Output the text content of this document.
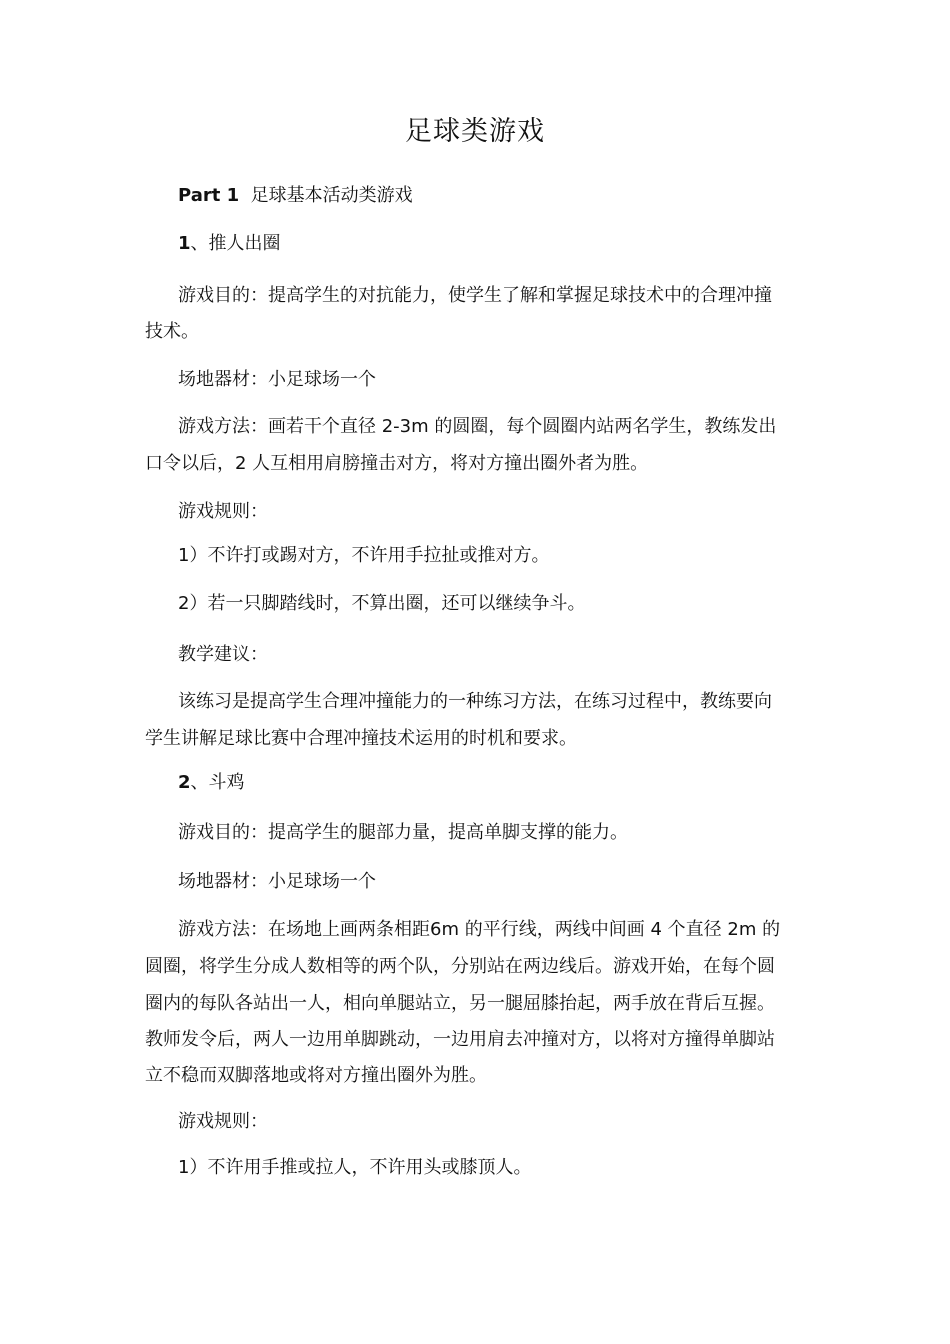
足球类游戏
Part 1 足球基本活动类游戏
1、推人出圈
游戏目的：提高学生的对抗能力，使学生了解和掌握足球技术中的合理冲撞
技术。
场地器材：小足球场一个
游戏方法：画若干个直径 2-3m 的圆圈，每个圆圈内站两名学生，教练发出
口令以后，2 人互相用肩膀撞击对方，将对方撞出圈外者为胜。
游戏规则：
1）不许打或踢对方，不许用手拉扯或推对方。
2）若一只脚踏线时，不算出圈，还可以继续争斗。
教学建议：
该练习是提高学生合理冲撞能力的一种练习方法，在练习过程中，教练要向
学生讲解足球比赛中合理冲撞技术运用的时机和要求。
2、斗鸡
游戏目的：提高学生的腿部力量，提高单脚支撑的能力。
场地器材：小足球场一个
游戏方法：在场地上画两条相距6m 的平行线，两线中间画 4 个直径 2m 的
圆圈，将学生分成人数相等的两个队，分别站在两边线后。游戏开始，在每个圆
圈内的每队各站出一人，相向单腿站立，另一腿屈膝抬起，两手放在背后互握。
教师发令后，两人一边用单脚跳动，一边用肩去冲撞对方，以将对方撞得单脚站
立不稳而双脚落地或将对方撞出圈外为胜。
游戏规则：
1）不许用手推或拉人，不许用头或膝顶人。
